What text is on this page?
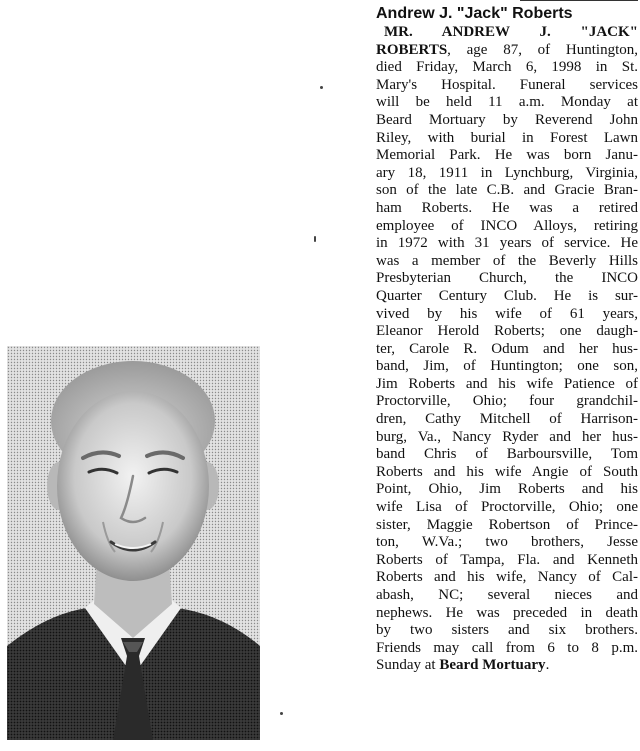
Andrew J. "Jack" Roberts
MR. ANDREW J. "JACK"
ROBERTS, age 87, of Huntington,
died Friday, March 6, 1998 in St.
Mary's Hospital. Funeral services
will be held 11 a.m. Monday at
Beard Mortuary by Reverend John
Riley, with burial in Forest Lawn
Memorial Park. He was born Janu-
ary 18, 1911 in Lynchburg, Virginia,
son of the late C.B. and Gracie Bran-
ham Roberts. He was a retired
employee of INCO Alloys, retiring
in 1972 with 31 years of service. He
was a member of the Beverly Hills
Presbyterian Church, the INCO
Quarter Century Club. He is sur-
vived by his wife of 61 years,
Eleanor Herold Roberts; one daugh-
ter, Carole R. Odum and her hus-
band, Jim, of Huntington; one son,
Jim Roberts and his wife Patience of
Proctorville, Ohio; four grandchil-
dren, Cathy Mitchell of Harrison-
burg, Va., Nancy Ryder and her hus-
band Chris of Barboursville, Tom
Roberts and his wife Angie of South
Point, Ohio, Jim Roberts and his
wife Lisa of Proctorville, Ohio; one
sister, Maggie Robertson of Prince-
ton, W.Va.; two brothers, Jesse
Roberts of Tampa, Fla. and Kenneth
Roberts and his wife, Nancy of Cal-
abash, NC; several nieces and
nephews. He was preceded in death
by two sisters and six brothers.
Friends may call from 6 to 8 p.m.
Sunday at Beard Mortuary.
